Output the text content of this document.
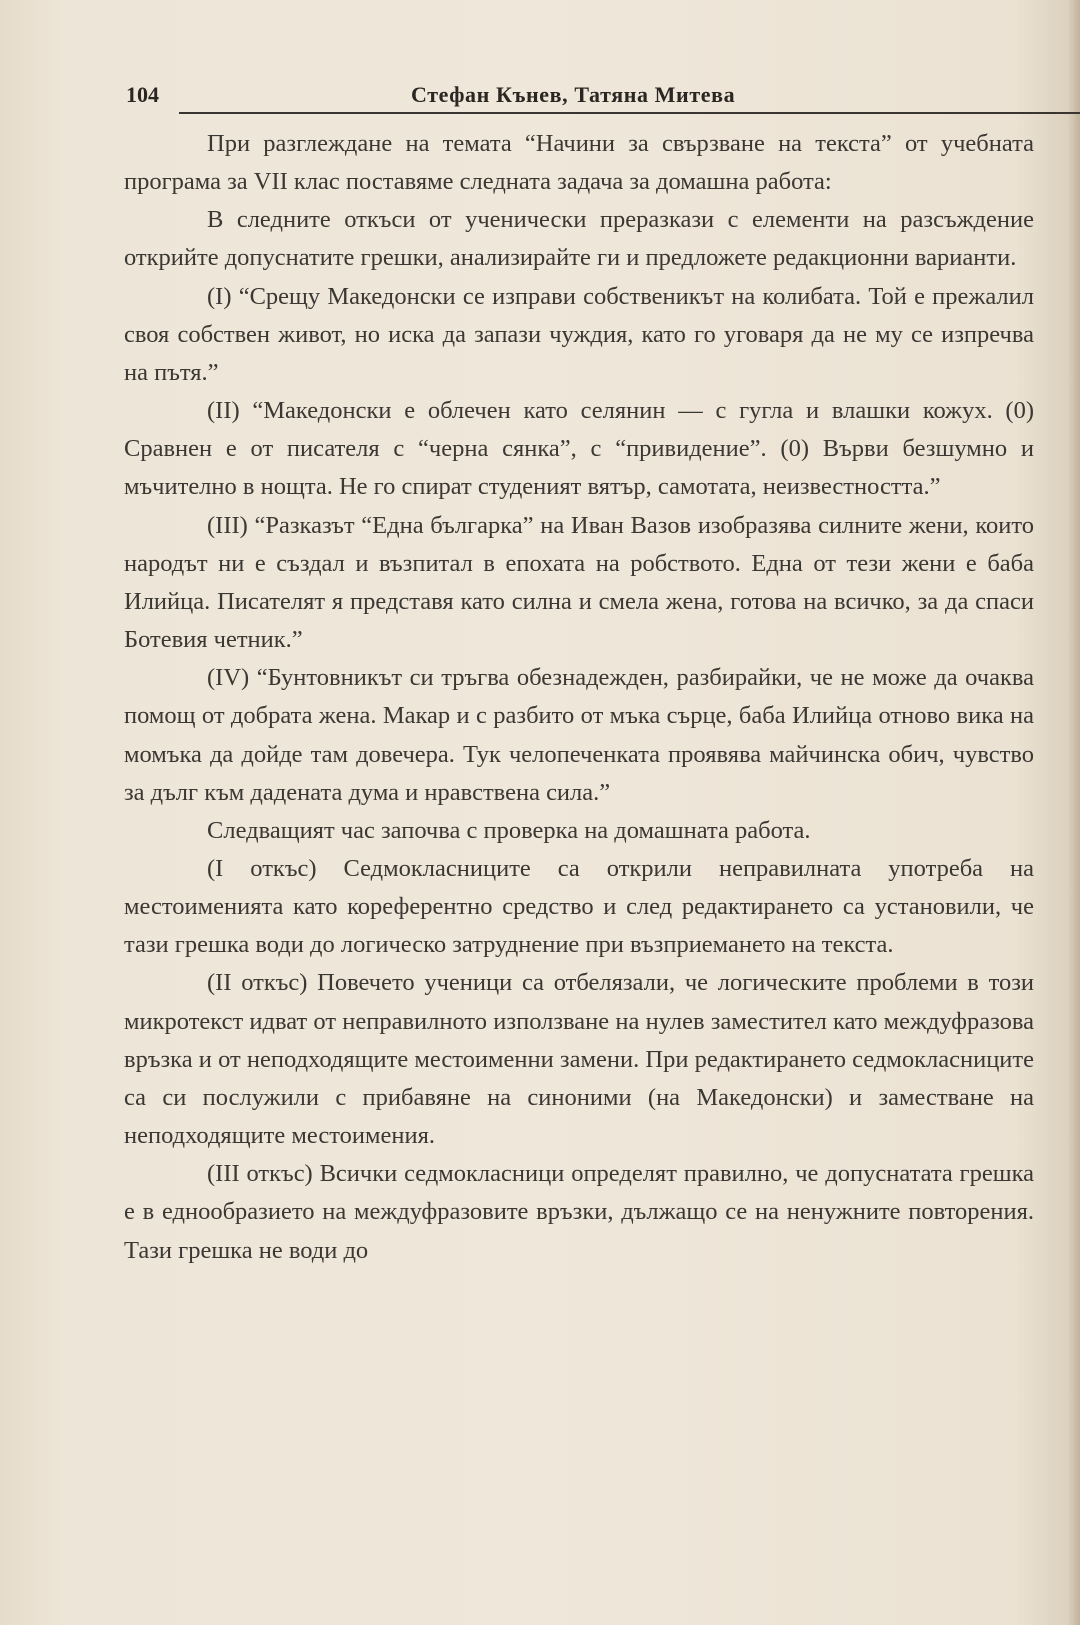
104	Стефан Кънев, Татяна Митева

При разглеждане на темата “Начини за свързване на текста” от учебната програма за VII клас поставяме следната задача за домашна работа:

В следните откъси от ученически преразкази с елементи на разсъждение открийте допуснатите грешки, анализирайте ги и предложете редакционни варианти.

(I) “Срещу Македонски се изправи собственикът на колибата. Той е прежалил своя собствен живот, но иска да запази чуждия, като го уговаря да не му се изпречва на пътя.”

(II) “Македонски е облечен като селянин — с гугла и влашки кожух. (0) Сравнен е от писателя с “черна сянка”, с “привидение”. (0) Върви безшумно и мъчително в нощта. Не го спират студеният вятър, самотата, неизвестността.”

(III) “Разказът “Една българка” на Иван Вазов изобразява силните жени, които народът ни е създал и възпитал в епохата на робството. Една от тези жени е баба Илийца. Писателят я представя като силна и смела жена, готова на всичко, за да спаси Ботевия четник.”

(IV) “Бунтовникът си тръгва обезнадежден, разбирайки, че не може да очаква помощ от добрата жена. Макар и с разбито от мъка сърце, баба Илийца отново вика на момъка да дойде там довечера. Тук челопеченката проявява майчинска обич, чувство за дълг към дадената дума и нравствена сила.”

Следващият час започва с проверка на домашната работа.

(I откъс) Седмокласниците са открили неправилната употреба на местоименията като кореферентно средство и след редактирането са установили, че тази грешка води до логическо затруднение при възприемането на текста.

(II откъс) Повечето ученици са отбелязали, че логическите проблеми в този микротекст идват от неправилното използване на нулев заместител като междуфразова връзка и от неподходящите местоименни замени. При редактирането седмокласниците са си послужили с прибавяне на синоними (на Македонски) и заместване на неподходящите местоимения.

(III откъс) Всички седмокласници определят правилно, че допуснатата грешка е в еднообразието на междуфразовите връзки, дължащо се на ненужните повторения. Тази грешка не води до
